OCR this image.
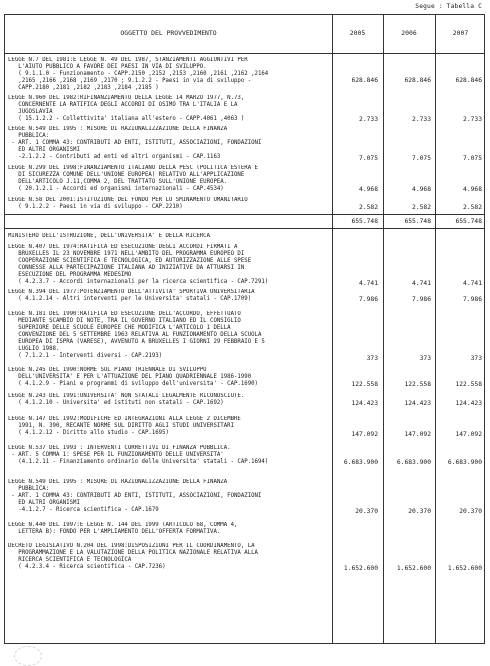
Segue : Tabella C
OGGETTO DEL PROVVEDIMENTO	2005	2006	2007
LEGGE N.7 DEL 1981:E LEGGE N. 49 DEL 1987, STANZIAMENTI AGGIUNTIVI PER
L'AIUTO PUBBLICO A FAVORE DEI PAESI IN VIA DI SVILUPPO.
( 9.1.1.0 - Funzionamento - CAPP.2150 ,2152 ,2153 ,2160 ,2161 ,2162 ,2164
,2165 ,2166 ,2168 ,2169 ,2170 ; 9.1.2.2 - Paesi in via di sviluppo -
CAPP.2180 ,2181 ,2182 ,2183 ,2184 ,2185 )
628.846	628.846	628.846
LEGGE N.960 DEL 1982:RIFINANZIAMENTO DELLA LEGGE 14 MARZO 1977, N.73,
CONCERNENTE LA RATIFICA DEGLI ACCORDI DI OSIMO TRA L'ITALIA E LA
JUGOSLAVIA
( 15.1.2.2 - Collettivita' italiana all'estero - CAPP.4061 ,4063 )	2.733	2.733	2.733
LEGGE N.549 DEL 1995 : MISURE DI RAZIONALIZZAZIONE DELLA FINANZA
PUBBLICA:
- ART. 1 COMMA 43: CONTRIBUTI AD ENTI, ISTITUTI, ASSOCIAZIONI, FONDAZIONI
ED ALTRI ORGANISMI
-2.1.2.2 - Contributi ad enti ed altri organismi - CAP.1163	7.075	7.075	7.075
LEGGE N.299 DEL 1998:FINANZIAMENTO ITALIANO DELLA PESC (POLITICA ESTERA E
DI SICUREZZA COMUNE DELL'UNIONE EUROPEA) RELATIVO ALL'APPLICAZIONE
DELL'ARTICOLO J.11,COMMA 2, DEL TRATTATO SULL'UNIONE EUROPEA.
( 20.1.2.1 - Accordi ed organismi internazionali - CAP.4534)	4.968	4.968	4.968
LEGGE N.58 DEL 2001:ISTITUZIONE DEL FONDO PER LO SMINAMENTO UMANITARIO
( 9.1.2.2 - Paesi in via di sviluppo - CAP.2210)	2.582	2.582	2.582
655.748	655.748	655.748
MINISTERO DELL'ISTRUZIONE, DELL'UNIVERSITA' E DELLA RICERCA
LEGGE N.407 DEL 1974:RATIFICA ED ESECUZIONE DEGLI ACCORDI FIRMATI A
BRUXELLES IL 23 NOVEMBRE 1971 NELL'AMBITO DEL PROGRAMMA EUROPEO DI
COOPERAZIONE SCIENTIFICA E TECNOLOGICA, ED AUTORIZZAZIONE ALLE SPESE
CONNESSE ALLA PARTECIPAZIONE ITALIANA AD INIZIATIVE DA ATTUARSI IN
ESECUZIONE DEL PROGRAMMA MEDESIMO
( 4.2.3.7 - Accordi internazionali per la ricerca scientifica - CAP.7291)	4.741	4.741	4.741
LEGGE N.394 DEL 1977:POTENZIAMENTO DELL'ATTIVITA' SPORTIVA UNIVERSITARIA
( 4.1.2.14 - Altri interventi per le Universita' statali - CAP.1709)	7.986	7.986	7.986
LEGGE N.181 DEL 1990:RATIFICA ED ESECUZIONE DELL'ACCORDO, EFFETTUATO
MEDIANTE SCAMBIO DI NOTE, TRA IL GOVERNO ITALIANO ED IL CONSIGLIO
SUPERIORE DELLE SCUOLE EUROPEE CHE MODIFICA L'ARTICOLO 1 DELLA
CONVENZIONE DEL 5 SETTEMBRE 1963 RELATIVA AL FUNZIONAMENTO DELLA SCUOLA
EUROPEA DI ISPRA (VARESE), AVVENUTO A BRUXELLES I GIORNI 29 FEBBRAIO E 5
LUGLIO 1988.
( 7.1.2.1 - Interventi diversi - CAP.2193)	373	373	373
LEGGE N.245 DEL 1990:NORME SUL PIANO TRIENNALE DI SVILUPPO
DELL'UNIVERSITA' E PER L'ATTUAZIONE DEL PIANO QUADRIENNALE 1986-1990
( 4.1.2.9 - Piani e programmi di sviluppo dell'universita' - CAP.1690)	122.558	122.558	122.558
LEGGE N.243 DEL 1991:UNIVERSITA' NON STATALI LEGALMENTE RICONOSCIUTE.
( 4.1.2.10 - Universita' ed istituti non statali - CAP.1692)	124.423	124.423	124.423
LEGGE N.147 DEL 1992:MODIFICHE ED INTEGRAZIONI ALLA LEGGE 2 DICEMBRE
1991, N. 390, RECANTE NORME SUL DIRITTO AGLI STUDI UNIVERSITARI
( 4.1.2.12 - Diritto allo studio - CAP.1695)	147.092	147.092	147.092
LEGGE N.537 DEL 1993 : INTERVENTI CORRETTIVI DI FINANZA PUBBLICA.
- ART. 5 COMMA 1: SPESE PER IL FUNZIONAMENTO DELLE UNIVERSITA'
(4.1.2.11 - Finanziamento ordinario delle Universita' statali - CAP.1694)	6.683.900	6.683.900	6.683.900
LEGGE N.549 DEL 1995 : MISURE DI RAZIONALIZZAZIONE DELLA FINANZA
PUBBLICA:
- ART. 1 COMMA 43: CONTRIBUTI AD ENTI, ISTITUTI, ASSOCIAZIONI, FONDAZIONI
ED ALTRI ORGANISMI
-4.1.2.7 - Ricerca scientifica - CAP.1679	20.370	20.370	20.370
LEGGE N.440 DEL 1997:E LEGGE N. 144 DEL 1999 (ARTICOLO 68, COMMA 4,
LETTERA B): FONDO PER L'AMPLIAMENTO DELL'OFFERTA FORMATIVA.
DECRETO LEGISLATIVO N.204 DEL 1998:DISPOSIZIONI PER IL COORDINAMENTO, LA
PROGRAMMAZIONE E LA VALUTAZIONE DELLA POLITICA NAZIONALE RELATIVA ALLA
RICERCA SCIENTIFICA E TECNOLOGICA
( 4.2.3.4 - Ricerca scientifica - CAP.7236)	1.652.600	1.652.600	1.652.600
